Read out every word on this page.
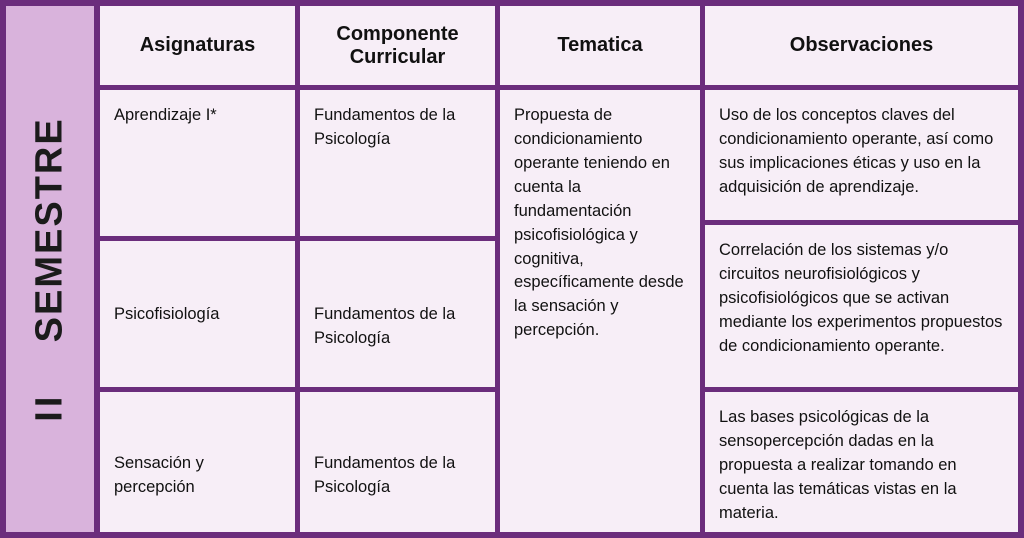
II    SEMESTRE
Asignaturas
Componente Curricular
Tematica	Observaciones
Aprendizaje I*
Psicofisiología
Sensación y percepción
Fundamentos de la Psicología
Fundamentos de la Psicología
Fundamentos de la Psicología
Propuesta de condicionamiento operante teniendo en cuenta la fundamentación psicofisiológica y cognitiva, específicamente desde la sensación y percepción.
Uso de los conceptos claves del condicionamiento operante, así como sus implicaciones éticas y uso en la adquisición de aprendizaje.
Correlación de los sistemas y/o circuitos neurofisiológicos y psicofisiológicos que se activan mediante los experimentos propuestos de condicionamiento operante.
Las bases psicológicas de la sensopercepción dadas en la propuesta a realizar tomando en cuenta las temáticas vistas en la materia.
